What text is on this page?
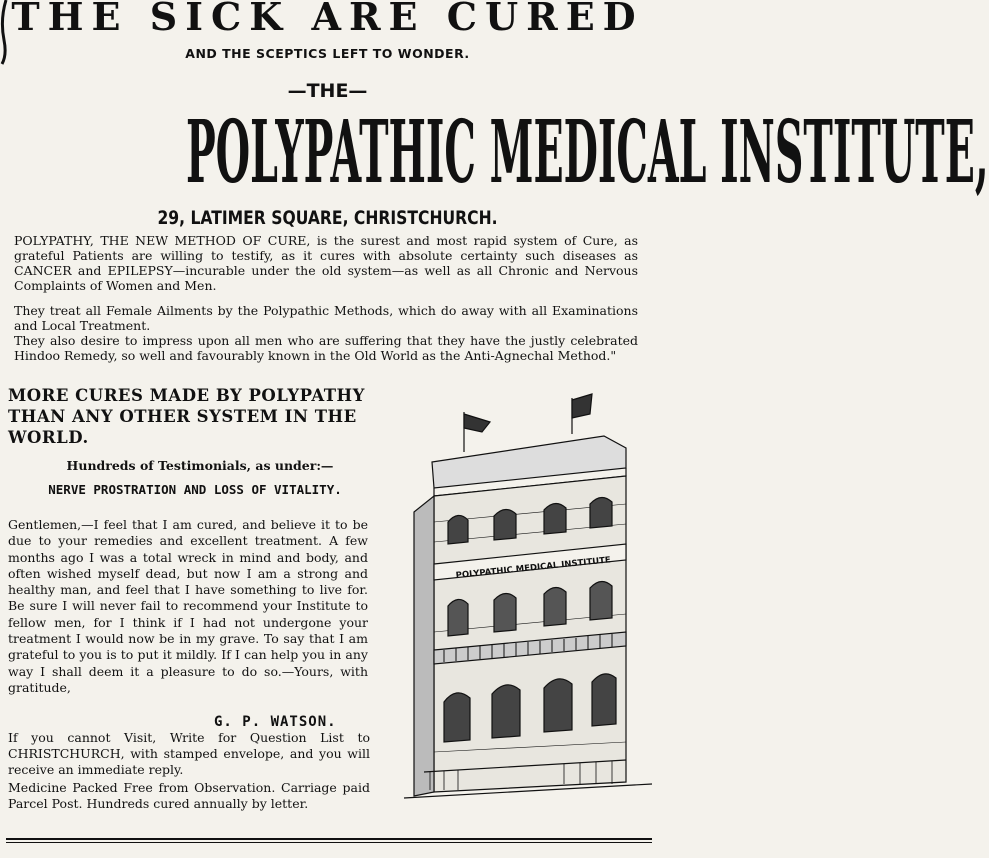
THE SICK ARE CURED
AND THE SCEPTICS LEFT TO WONDER.
—THE—
POLYPATHIC MEDICAL INSTITUTE,
29, LATIMER SQUARE, CHRISTCHURCH.
POLYPATHY, THE NEW METHOD OF CURE, is the surest and most rapid system of Cure, as grateful Patients are willing to testify, as it cures with absolute certainty such diseases as CANCER and EPILEPSY—incurable under the old system—as well as all Chronic and Nervous Complaints of Women and Men.
They treat all Female Ailments by the Polypathic Methods, which do away with all Examinations and Local Treatment.
They also desire to impress upon all men who are suffering that they have the justly celebrated Hindoo Remedy, so well and favourably known in the Old World as the Anti-Agnechal Method."
MORE CURES MADE BY POLYPATHY THAN ANY OTHER SYSTEM IN THE WORLD.
Hundreds of Testimonials, as under:—
NERVE PROSTRATION AND LOSS OF VITALITY.
Gentlemen,—I feel that I am cured, and believe it to be due to your remedies and excellent treatment. A few months ago I was a total wreck in mind and body, and often wished myself dead, but now I am a strong and healthy man, and feel that I have something to live for. Be sure I will never fail to recommend your Institute to fellow men, for I think if I had not undergone your treatment I would now be in my grave. To say that I am grateful to you is to put it mildly. If I can help you in any way I shall deem it a pleasure to do so.—Yours, with gratitude,
G. P. WATSON.
If you cannot Visit, Write for Question List to CHRISTCHURCH, with stamped envelope, and you will receive an immediate reply.
Medicine Packed Free from Observation. Carriage paid Parcel Post. Hundreds cured annually by letter.
POLYPATHIC MEDICAL INSTITUTE
